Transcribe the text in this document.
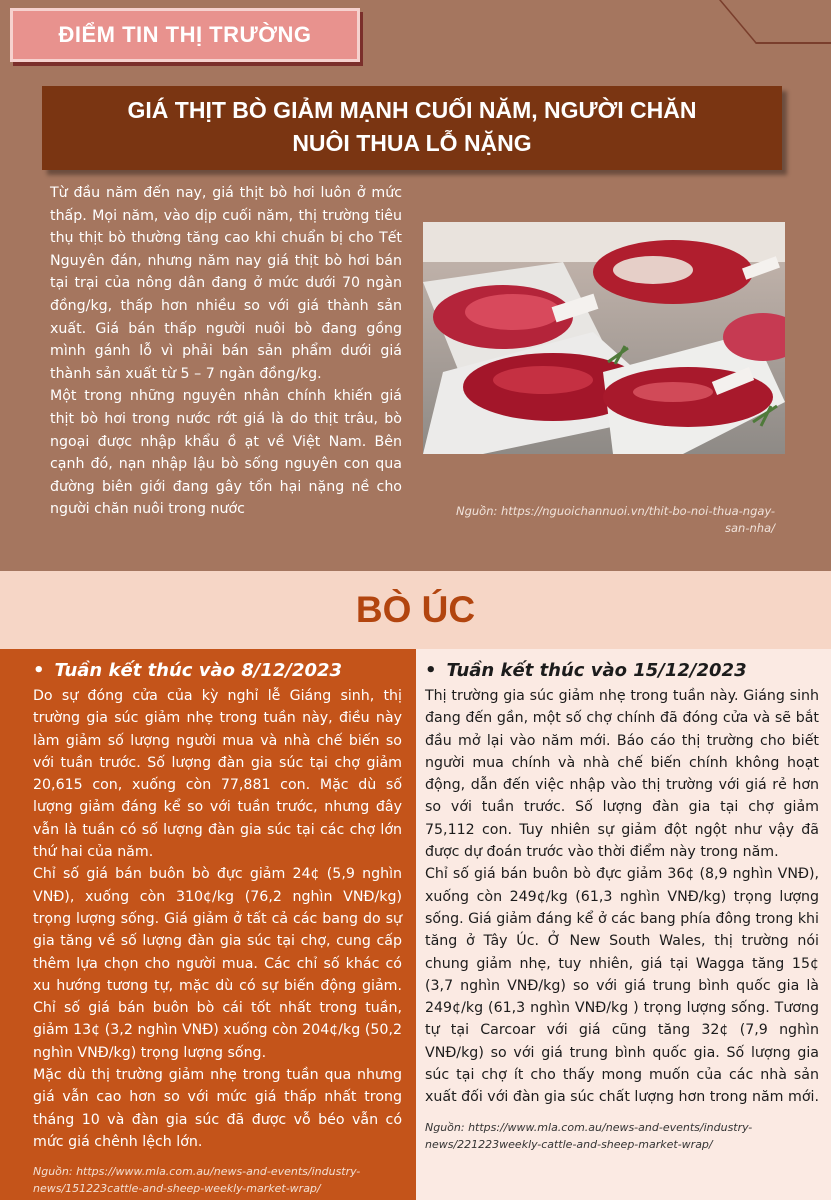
ĐIỂM TIN THỊ TRƯỜNG
GIÁ THỊT BÒ GIẢM MẠNH CUỐI NĂM, NGƯỜI CHĂN
NUÔI THUA LỖ NẶNG

Từ đầu năm đến nay, giá thịt bò hơi luôn ở mức thấp. Mọi năm, vào dịp cuối năm, thị trường tiêu thụ thịt bò thường tăng cao khi chuẩn bị cho Tết Nguyên đán, nhưng năm nay giá thịt bò hơi bán tại trại của nông dân đang ở mức dưới 70 ngàn đồng/kg, thấp hơn nhiều so với giá thành sản xuất. Giá bán thấp người nuôi bò đang gồng mình gánh lỗ vì phải bán sản phẩm dưới giá thành sản xuất từ 5 – 7 ngàn đồng/kg.

Một trong những nguyên nhân chính khiến giá thịt bò hơi trong nước rớt giá là do thịt trâu, bò ngoại được nhập khẩu ồ ạt về Việt Nam. Bên cạnh đó, nạn nhập lậu bò sống nguyên con qua đường biên giới đang gây tổn hại nặng nề cho người chăn nuôi trong nước	Nguồn: https://nguoichannuoi.vn/thit-bo-noi-thua-ngay-san-nha/
BÒ ÚC
• Tuần kết thúc vào 8/12/2023

Do sự đóng cửa của kỳ nghỉ lễ Giáng sinh, thị trường gia súc giảm nhẹ trong tuần này, điều này làm giảm số lượng người mua và nhà chế biến so với tuần trước. Số lượng đàn gia súc tại chợ giảm 20,615 con, xuống còn 77,881 con. Mặc dù số lượng giảm đáng kể so với tuần trước, nhưng đây vẫn là tuần có số lượng đàn gia súc tại các chợ lớn thứ hai của năm.

Chỉ số giá bán buôn bò đực giảm 24¢ (5,9 nghìn VNĐ), xuống còn 310¢/kg (76,2 nghìn VNĐ/kg) trọng lượng sống. Giá giảm ở tất cả các bang do sự gia tăng về số lượng đàn gia súc tại chợ, cung cấp thêm lựa chọn cho người mua. Các chỉ số khác có xu hướng tương tự, mặc dù có sự biến động giảm. Chỉ số giá bán buôn bò cái tốt nhất trong tuần, giảm 13¢ (3,2 nghìn VNĐ) xuống còn 204¢/kg (50,2 nghìn VNĐ/kg) trọng lượng sống.

Mặc dù thị trường giảm nhẹ trong tuần qua nhưng giá vẫn cao hơn so với mức giá thấp nhất trong tháng 10 và đàn gia súc đã được vỗ béo vẫn có mức giá chênh lệch lớn.

Nguồn: https://www.mla.com.au/news-and-events/industry-news/151223cattle-and-sheep-weekly-market-wrap/
• Tuần kết thúc vào 15/12/2023

Thị trường gia súc giảm nhẹ trong tuần này. Giáng sinh đang đến gần, một số chợ chính đã đóng cửa và sẽ bắt đầu mở lại vào năm mới. Báo cáo thị trường cho biết người mua chính và nhà chế biến chính không hoạt động, dẫn đến việc nhập vào thị trường với giá rẻ hơn so với tuần trước. Số lượng đàn gia tại chợ giảm 75,112 con. Tuy nhiên sự giảm đột ngột như vậy đã được dự đoán trước vào thời điểm này trong năm.

Chỉ số giá bán buôn bò đực giảm 36¢ (8,9 nghìn VNĐ), xuống còn 249¢/kg (61,3 nghìn VNĐ/kg) trọng lượng sống. Giá giảm đáng kể ở các bang phía đông trong khi tăng ở Tây Úc. Ở New South Wales, thị trường nói chung giảm nhẹ, tuy nhiên, giá tại Wagga tăng 15¢ (3,7 nghìn VNĐ/kg) so với giá trung bình quốc gia là 249¢/kg (61,3 nghìn VNĐ/kg ) trọng lượng sống. Tương tự tại Carcoar với giá cũng tăng 32¢ (7,9 nghìn VNĐ/kg) so với giá trung bình quốc gia. Số lượng gia súc tại chợ ít cho thấy mong muốn của các nhà sản xuất đối với đàn gia súc chất lượng hơn trong năm mới.

Nguồn: https://www.mla.com.au/news-and-events/industry-news/221223weekly-cattle-and-sheep-market-wrap/
